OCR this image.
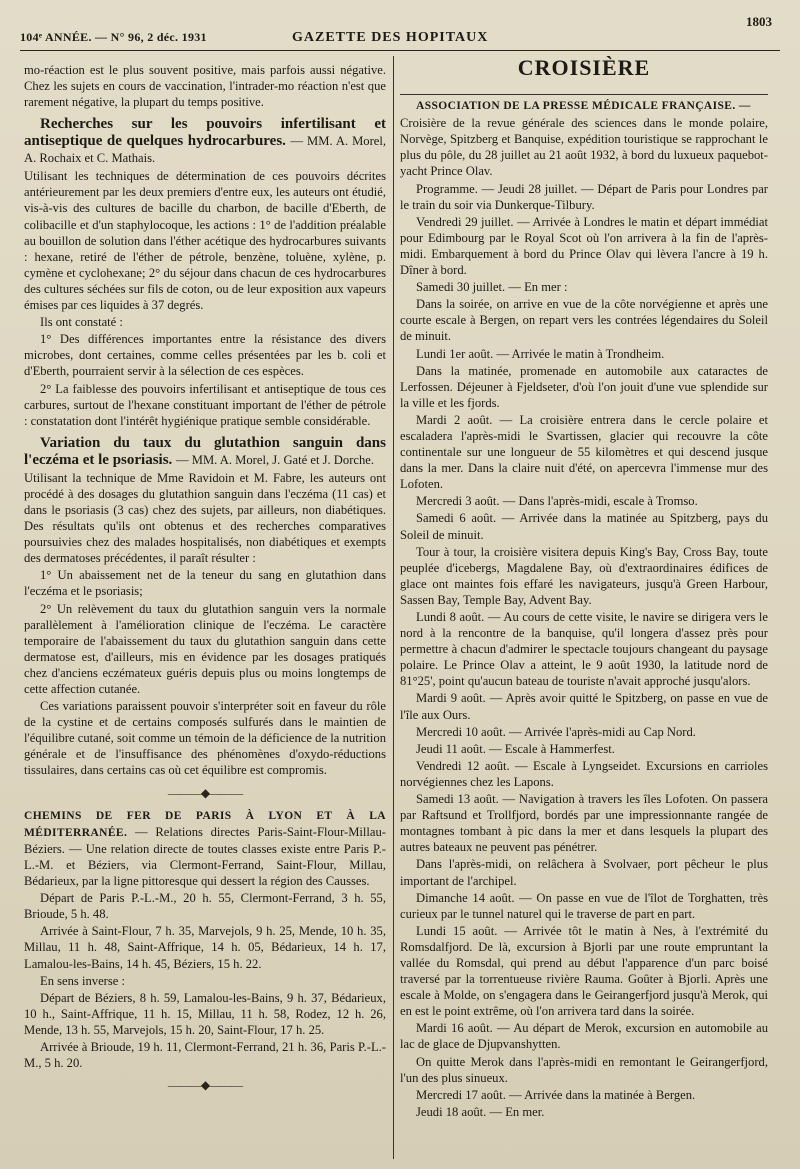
104ᵉ ANNÉE. — N° 96, 2 déc. 1931	GAZETTE DES HOPITAUX
1803

mo-réaction est le plus souvent positive, mais parfois aussi négative. Chez les sujets en cours de vaccination, l'intrader-mo réaction n'est que rarement négative, la plupart du temps positive.

Recherches sur les pouvoirs infertilisant et antiseptique de quelques hydrocarbures. — MM. A. Morel, A. Rochaix et C. Mathais.

Utilisant les techniques de détermination de ces pouvoirs décrites antérieurement par les deux premiers d'entre eux, les auteurs ont étudié, vis-à-vis des cultures de bacille du charbon, de bacille d'Eberth, de colibacille et d'un staphylocoque, les actions : 1° de l'addition préalable au bouillon de solution dans l'éther acétique des hydrocarbures suivants : hexane, retiré de l'éther de pétrole, benzène, toluène, xylène, p. cymène et cyclohexane; 2° du séjour dans chacun de ces hydrocarbures des cultures séchées sur fils de coton, ou de leur exposition aux vapeurs émises par ces liquides à 37 degrés.

Ils ont constaté :

1° Des différences importantes entre la résistance des divers microbes, dont certaines, comme celles présentées par les b. coli et d'Eberth, pourraient servir à la sélection de ces espèces.

2° La faiblesse des pouvoirs infertilisant et antiseptique de tous ces carbures, surtout de l'hexane constituant important de l'éther de pétrole : constatation dont l'intérêt hygiénique pratique semble considérable.

Variation du taux du glutathion sanguin dans l'eczéma et le psoriasis. — MM. A. Morel, J. Gaté et J. Dorche.

Utilisant la technique de Mme Ravidoin et M. Fabre, les auteurs ont procédé à des dosages du glutathion sanguin dans l'eczéma (11 cas) et dans le psoriasis (3 cas) chez des sujets, par ailleurs, non diabétiques. Des résultats qu'ils ont obtenus et des recherches comparatives poursuivies chez des malades hospitalisés, non diabétiques et exempts des dermatoses précédentes, il paraît résulter :

1° Un abaissement net de la teneur du sang en glutathion dans l'eczéma et le psoriasis;

2° Un relèvement du taux du glutathion sanguin vers la normale parallèlement à l'amélioration clinique de l'eczéma. Le caractère temporaire de l'abaissement du taux du glutathion sanguin dans cette dermatose est, d'ailleurs, mis en évidence par les dosages pratiqués chez d'anciens eczémateux guéris depuis plus ou moins longtemps de cette affection cutanée.

Ces variations paraissent pouvoir s'interpréter soit en faveur du rôle de la cystine et de certains composés sulfurés dans le maintien de l'équilibre cutané, soit comme un témoin de la déficience de la nutrition générale et de l'insuffisance des phénomènes d'oxydo-réductions tissulaires, dans certains cas où cet équilibre est compromis.

———◆———

CHEMINS DE FER DE PARIS À LYON ET À LA MÉDITERRANÉE. — Relations directes Paris-Saint-Flour-Millau-Béziers. — Une relation directe de toutes classes existe entre Paris P.-L.-M. et Béziers, via Clermont-Ferrand, Saint-Flour, Millau, Bédarieux, par la ligne pittoresque qui dessert la région des Causses.

Départ de Paris P.-L.-M., 20 h. 55, Clermont-Ferrand, 3 h. 55, Brioude, 5 h. 48.

Arrivée à Saint-Flour, 7 h. 35, Marvejols, 9 h. 25, Mende, 10 h. 35, Millau, 11 h. 48, Saint-Affrique, 14 h. 05, Bédarieux, 14 h. 17, Lamalou-les-Bains, 14 h. 45, Béziers, 15 h. 22.

En sens inverse :

Départ de Béziers, 8 h. 59, Lamalou-les-Bains, 9 h. 37, Bédarieux, 10 h., Saint-Affrique, 11 h. 15, Millau, 11 h. 58, Rodez, 12 h. 26, Mende, 13 h. 55, Marvejols, 15 h. 20, Saint-Flour, 17 h. 25.

Arrivée à Brioude, 19 h. 11, Clermont-Ferrand, 21 h. 36, Paris P.-L.-M., 5 h. 20.

———◆———
CROISIÈRE

ASSOCIATION DE LA PRESSE MÉDICALE FRANÇAISE. —

Croisière de la revue générale des sciences dans le monde polaire, Norvège, Spitzberg et Banquise, expédition touristique se rapprochant le plus du pôle, du 28 juillet au 21 août 1932, à bord du luxueux paquebot-yacht Prince Olav.

Programme. — Jeudi 28 juillet. — Départ de Paris pour Londres par le train du soir via Dunkerque-Tilbury.

Vendredi 29 juillet. — Arrivée à Londres le matin et départ immédiat pour Edimbourg par le Royal Scot où l'on arrivera à la fin de l'après-midi. Embarquement à bord du Prince Olav qui lèvera l'ancre à 19 h. Dîner à bord.

Samedi 30 juillet. — En mer :

Dans la soirée, on arrive en vue de la côte norvégienne et après une courte escale à Bergen, on repart vers les contrées légendaires du Soleil de minuit.

Lundi 1er août. — Arrivée le matin à Trondheim.

Dans la matinée, promenade en automobile aux cataractes de Lerfossen. Déjeuner à Fjeldseter, d'où l'on jouit d'une vue splendide sur la ville et les fjords.

Mardi 2 août. — La croisière entrera dans le cercle polaire et escaladera l'après-midi le Svartissen, glacier qui recouvre la côte continentale sur une longueur de 55 kilomètres et qui descend jusque dans la mer. Dans la claire nuit d'été, on apercevra l'immense mur des Lofoten.

Mercredi 3 août. — Dans l'après-midi, escale à Tromso.

Samedi 6 août. — Arrivée dans la matinée au Spitzberg, pays du Soleil de minuit.

Tour à tour, la croisière visitera depuis King's Bay, Cross Bay, toute peuplée d'icebergs, Magdalene Bay, où d'extraordinaires édifices de glace ont maintes fois effaré les navigateurs, jusqu'à Green Harbour, Sassen Bay, Temple Bay, Advent Bay.

Lundi 8 août. — Au cours de cette visite, le navire se dirigera vers le nord à la rencontre de la banquise, qu'il longera d'assez près pour permettre à chacun d'admirer le spectacle toujours changeant du paysage polaire. Le Prince Olav a atteint, le 9 août 1930, la latitude nord de 81°25', point qu'aucun bateau de touriste n'avait approché jusqu'alors.

Mardi 9 août. — Après avoir quitté le Spitzberg, on passe en vue de l'île aux Ours.

Mercredi 10 août. — Arrivée l'après-midi au Cap Nord.

Jeudi 11 août. — Escale à Hammerfest.

Vendredi 12 août. — Escale à Lyngseidet. Excursions en carrioles norvégiennes chez les Lapons.

Samedi 13 août. — Navigation à travers les îles Lofoten. On passera par Raftsund et Trollfjord, bordés par une impressionnante rangée de montagnes tombant à pic dans la mer et dans lesquels la plupart des autres bateaux ne peuvent pas pénétrer.

Dans l'après-midi, on relâchera à Svolvaer, port pêcheur le plus important de l'archipel.

Dimanche 14 août. — On passe en vue de l'îlot de Torghatten, très curieux par le tunnel naturel qui le traverse de part en part.

Lundi 15 août. — Arrivée tôt le matin à Nes, à l'extrémité du Romsdalfjord. De là, excursion à Bjorli par une route empruntant la vallée du Romsdal, qui prend au début l'apparence d'un parc boisé traversé par la torrentueuse rivière Rauma. Goûter à Bjorli. Après une escale à Molde, on s'engagera dans le Geirangerfjord jusqu'à Merok, qui en est le point extrême, où l'on arrivera tard dans la soirée.

Mardi 16 août. — Au départ de Merok, excursion en automobile au lac de glace de Djupvanshytten.

On quitte Merok dans l'après-midi en remontant le Geirangerfjord, l'un des plus sinueux.

Mercredi 17 août. — Arrivée dans la matinée à Bergen.

Jeudi 18 août. — En mer.
